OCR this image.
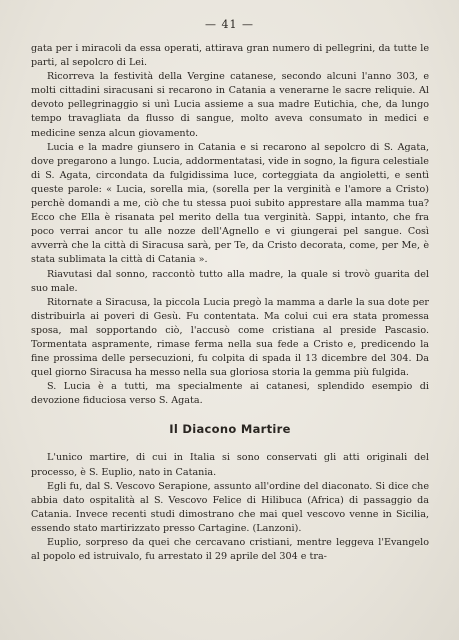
— 41 —

gata per i miracoli da essa operati, attirava gran numero di pellegrini, da tutte le parti, al sepolcro di Lei.

Ricorreva la festività della Vergine catanese, secondo alcuni l'anno 303, e molti cittadini siracusani si recarono in Catania a venerarne le sacre reliquie. Al devoto pellegrinaggio si unì Lucia assieme a sua madre Eutichia, che, da lungo tempo travagliata da flusso di sangue, molto aveva consumato in medici e medicine senza alcun giovamento.

Lucia e la madre giunsero in Catania e si recarono al sepolcro di S. Agata, dove pregarono a lungo. Lucia, addormentatasi, vide in sogno, la figura celestiale di S. Agata, circondata da fulgidissima luce, corteggiata da angioletti, e sentì queste parole: « Lucia, sorella mia, (sorella per la verginità e l'amore a Cristo) perchè domandi a me, ciò che tu stessa puoi subito apprestare alla mamma tua? Ecco che Ella è risanata pel merito della tua verginità. Sappi, intanto, che fra poco verrai ancor tu alle nozze dell'Agnello e vi giungerai pel sangue. Così avverrà che la città di Siracusa sarà, per Te, da Cristo decorata, come, per Me, è stata sublimata la città di Catania ».

Riavutasi dal sonno, raccontò tutto alla madre, la quale si trovò guarita del suo male.

Ritornate a Siracusa, la piccola Lucia pregò la mamma a darle la sua dote per distribuirla ai poveri di Gesù. Fu contentata. Ma colui cui era stata promessa sposa, mal sopportando ciò, l'accusò come cristiana al preside Pascasio. Tormentata aspramente, rimase ferma nella sua fede a Cristo e, predicendo la fine prossima delle persecuzioni, fu colpita di spada il 13 dicembre del 304. Da quel giorno Siracusa ha messo nella sua gloriosa storia la gemma più fulgida.

S. Lucia è a tutti, ma specialmente ai catanesi, splendido esempio di devozione fiduciosa verso S. Agata.

Il Diacono Martire

L'unico martire, di cui in Italia si sono conservati gli atti originali del processo, è S. Euplio, nato in Catania.

Egli fu, dal S. Vescovo Serapione, assunto all'ordine del diaconato. Si dice che abbia dato ospitalità al S. Vescovo Felice di Hilibuca (Africa) di passaggio da Catania. Invece recenti studi dimostrano che mai quel vescovo venne in Sicilia, essendo stato martirizzato presso Cartagine. (Lanzoni).

Euplio, sorpreso da quei che cercavano cristiani, mentre leggeva l'Evangelo al popolo ed istruivalo, fu arrestato il 29 aprile del 304 e tra-
